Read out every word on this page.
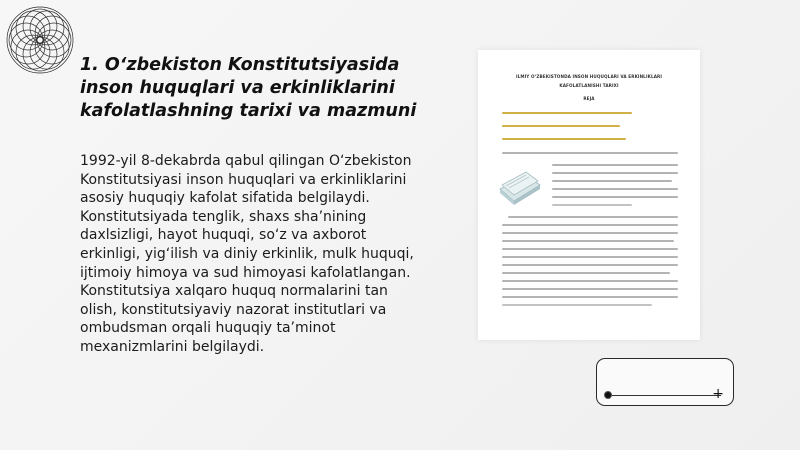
1. O‘zbekiston Konstitutsiyasida inson huquqlari va erkinliklarini kafolatlashning tarixi va mazmuni
1992-yil 8-dekabrda qabul qilingan O‘zbekiston Konstitutsiyasi inson huquqlari va erkinliklarini asosiy huquqiy kafolat sifatida belgilaydi. Konstitutsiyada tenglik, shaxs sha’nining daxlsizligi, hayot huquqi, so‘z va axborot erkinligi, yig‘ilish va diniy erkinlik, mulk huquqi, ijtimoiy himoya va sud himoyasi kafolatlangan. Konstitutsiya xalqaro huquq normalarini tan olish, konstitutsiyaviy nazorat institutlari va ombudsman orqali huquqiy ta’minot mexanizmlarini belgilaydi.
ILMIY O‘ZBEKISTONDA INSON HUQUQLARI VA ERKINLIKLARI
KAFOLATLANISHI TARIXI
REJA
+
